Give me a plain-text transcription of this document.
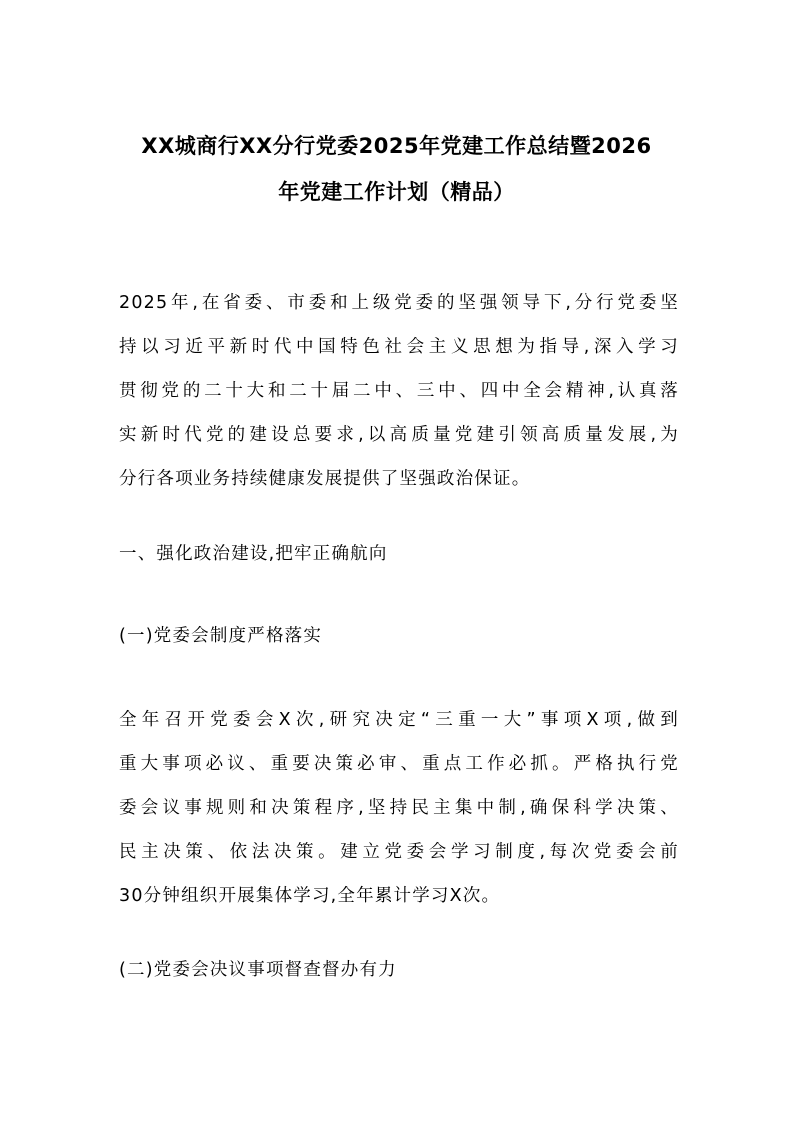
XX城商行XX分行党委2025年党建工作总结暨2026
年党建工作计划（精品）
2025年,在省委、市委和上级党委的坚强领导下,分行党委坚
持以习近平新时代中国特色社会主义思想为指导,深入学习
贯彻党的二十大和二十届二中、三中、四中全会精神,认真落
实新时代党的建设总要求,以高质量党建引领高质量发展,为
分行各项业务持续健康发展提供了坚强政治保证。
一、强化政治建设,把牢正确航向
(一)党委会制度严格落实
全年召开党委会X次,研究决定“三重一大”事项X项,做到
重大事项必议、重要决策必审、重点工作必抓。严格执行党
委会议事规则和决策程序,坚持民主集中制,确保科学决策、
民主决策、依法决策。建立党委会学习制度,每次党委会前
30分钟组织开展集体学习,全年累计学习X次。
(二)党委会决议事项督查督办有力
